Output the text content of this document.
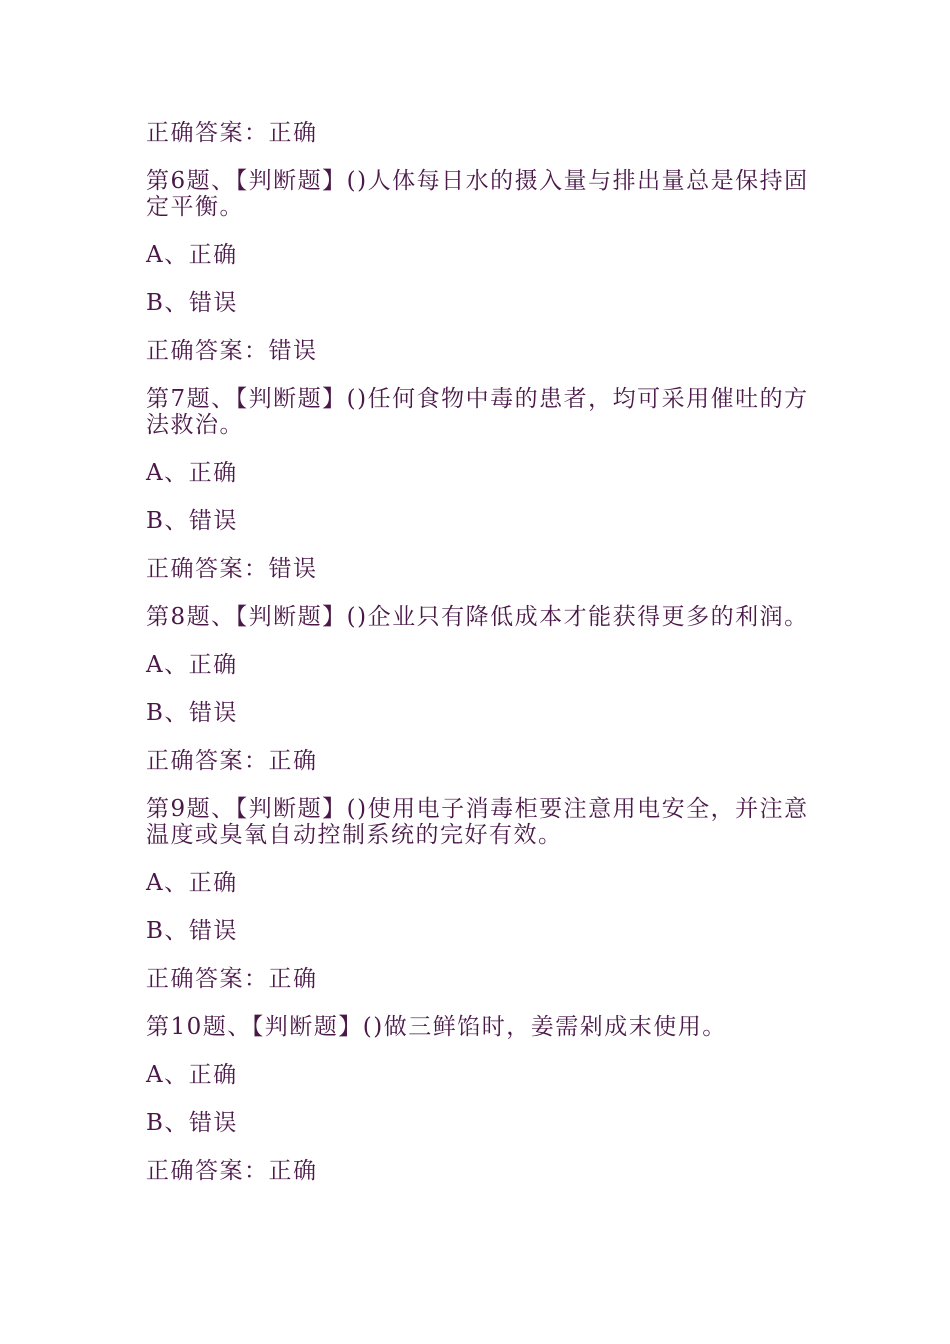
正确答案：正确

第6题、【判断题】()人体每日水的摄入量与排出量总是保持固定平衡。

A、正确

B、错误

正确答案：错误

第7题、【判断题】()任何食物中毒的患者，均可采用催吐的方法救治。

A、正确

B、错误

正确答案：错误

第8题、【判断题】()企业只有降低成本才能获得更多的利润。

A、正确

B、错误

正确答案：正确

第9题、【判断题】()使用电子消毒柜要注意用电安全，并注意温度或臭氧自动控制系统的完好有效。

A、正确

B、错误

正确答案：正确

第10题、【判断题】()做三鲜馅时，姜需剁成末使用。

A、正确

B、错误

正确答案：正确
